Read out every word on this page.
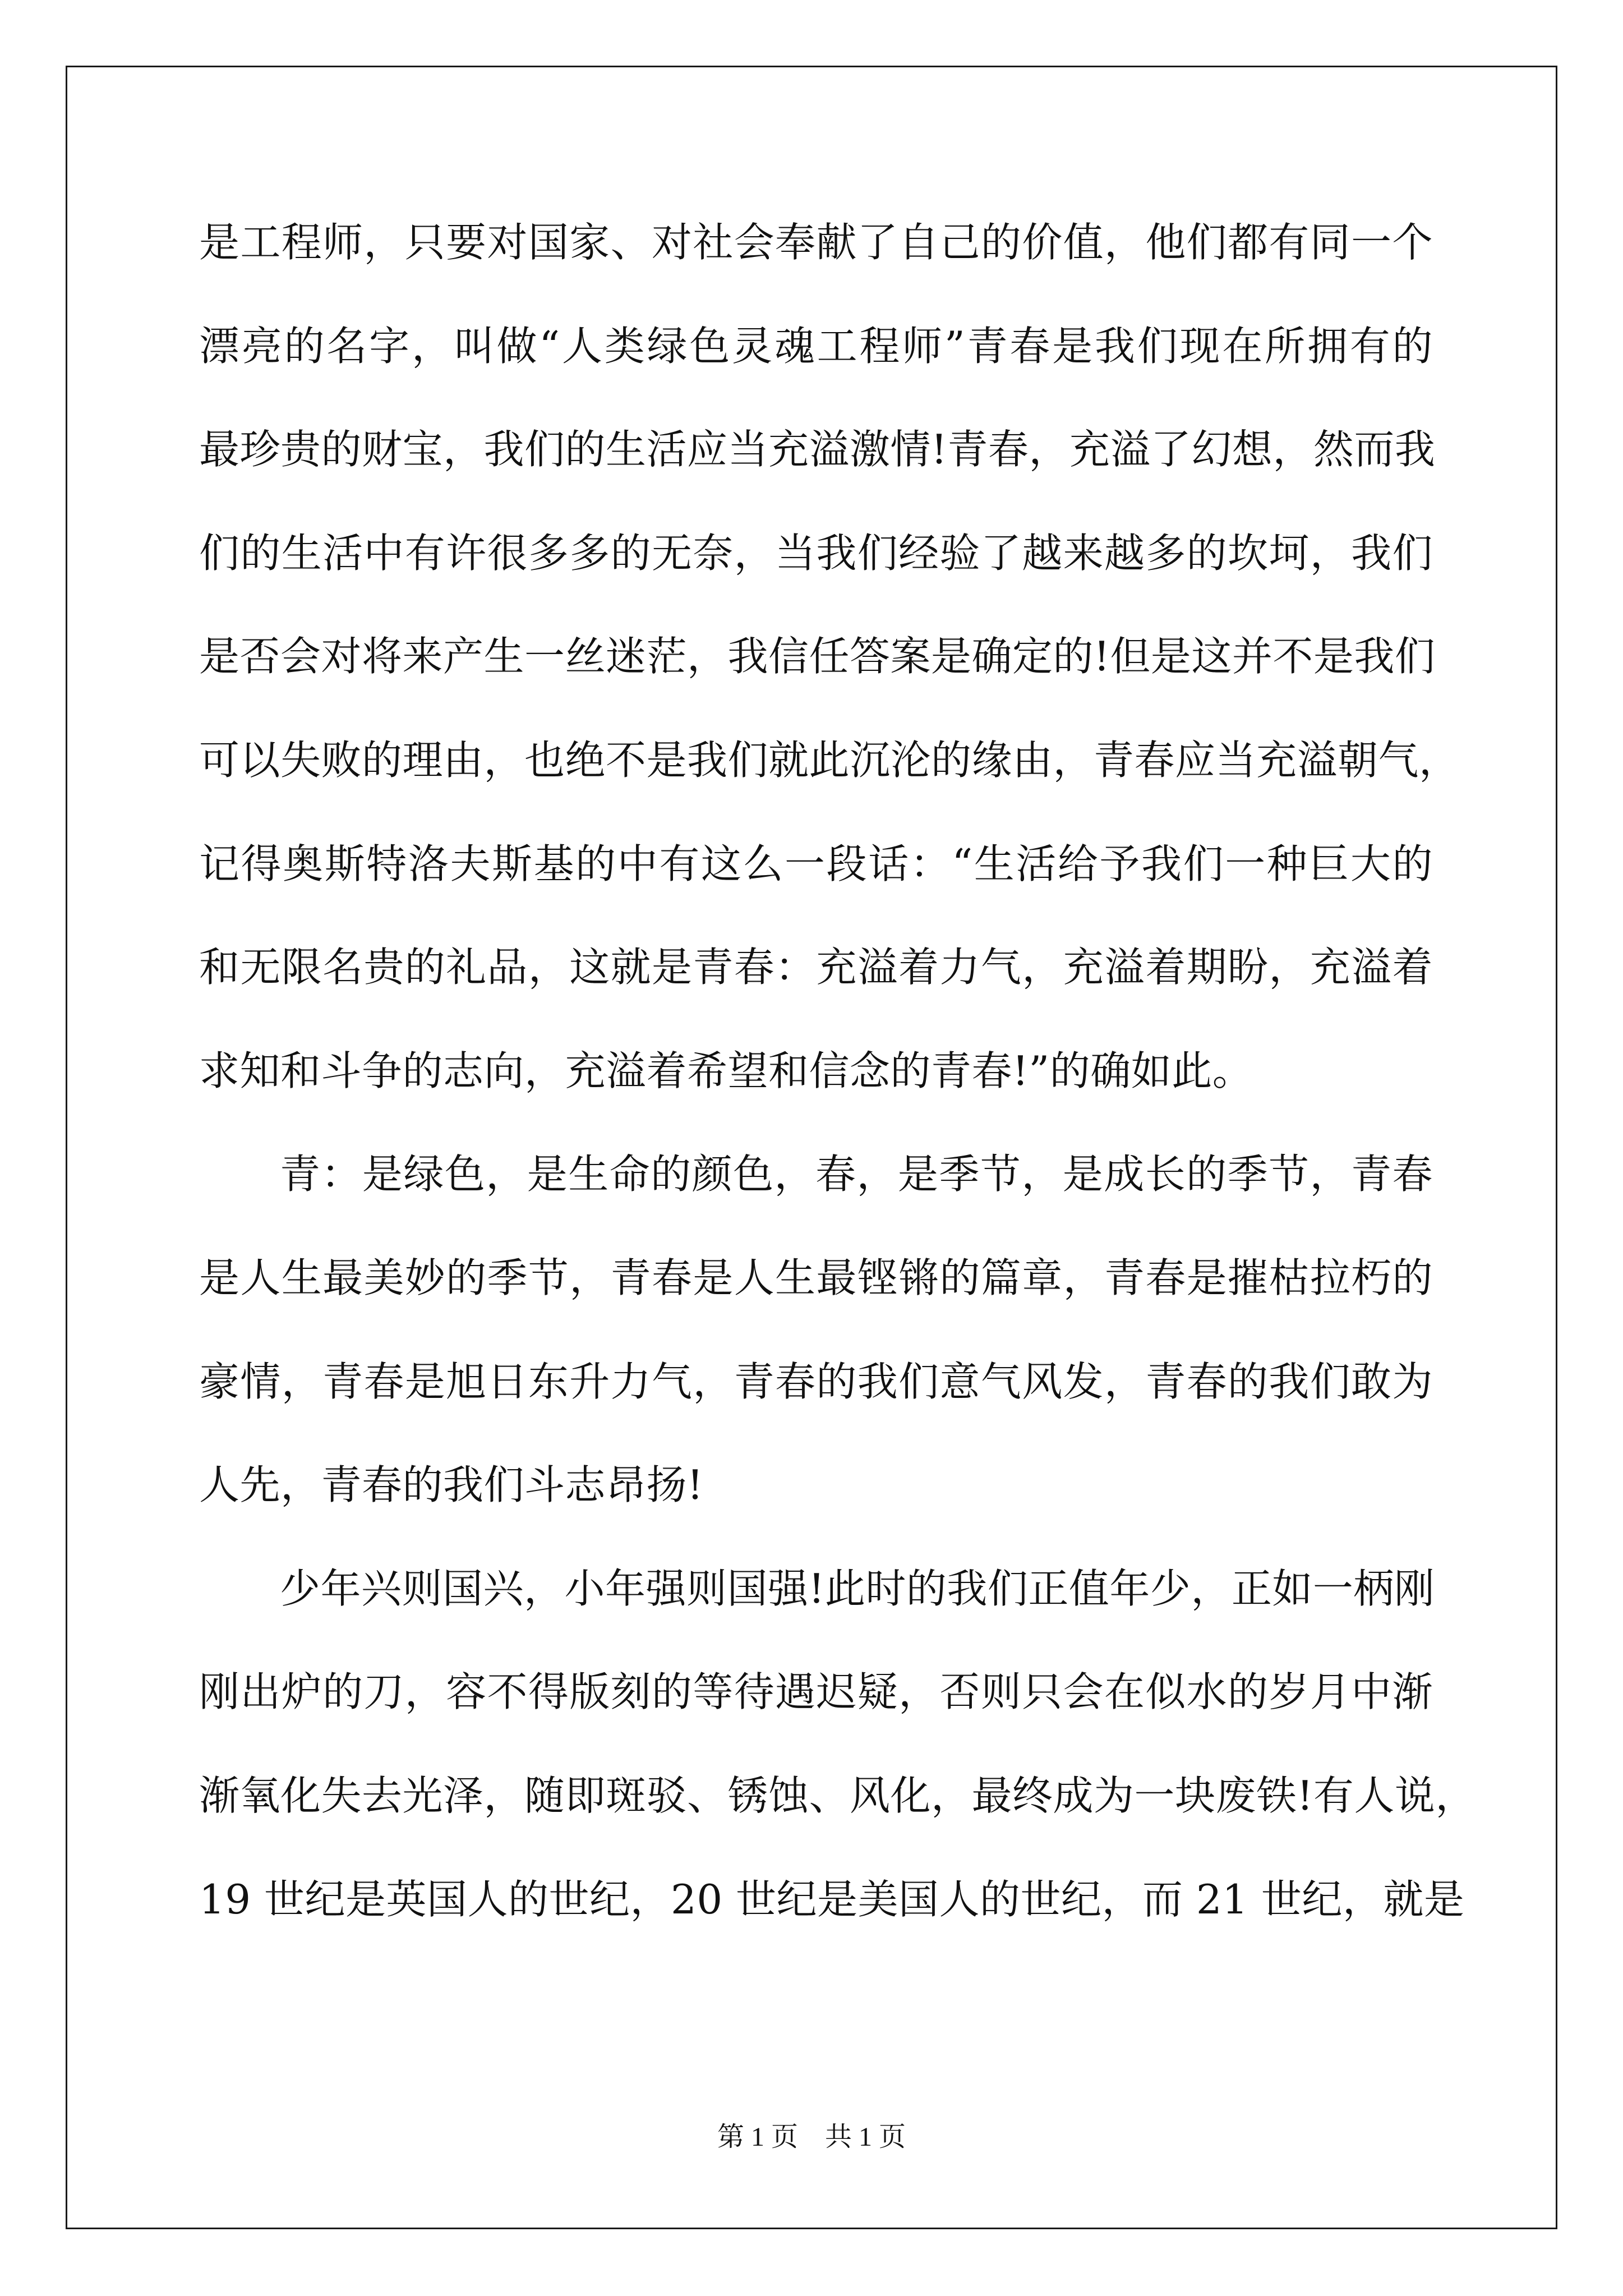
是工程师，只要对国家、对社会奉献了自己的价值，他们都有同一个
漂亮的名字，叫做“人类绿色灵魂工程师”青春是我们现在所拥有的
最珍贵的财宝，我们的生活应当充溢激情!青春，充溢了幻想，然而我
们的生活中有许很多多的无奈，当我们经验了越来越多的坎坷，我们
是否会对将来产生一丝迷茫，我信任答案是确定的!但是这并不是我们
可以失败的理由，也绝不是我们就此沉沦的缘由，青春应当充溢朝气，
记得奥斯特洛夫斯基的中有这么一段话：“生活给予我们一种巨大的
和无限名贵的礼品，这就是青春：充溢着力气，充溢着期盼，充溢着
求知和斗争的志向，充溢着希望和信念的青春!”的确如此。
青：是绿色，是生命的颜色，春，是季节，是成长的季节，青春
是人生最美妙的季节，青春是人生最铿锵的篇章，青春是摧枯拉朽的
豪情，青春是旭日东升力气，青春的我们意气风发，青春的我们敢为
人先，青春的我们斗志昂扬!
少年兴则国兴，小年强则国强!此时的我们正值年少，正如一柄刚
刚出炉的刀，容不得版刻的等待遇迟疑，否则只会在似水的岁月中渐
渐氧化失去光泽，随即斑驳、锈蚀、风化，最终成为一块废铁!有人说，
19 世纪是英国人的世纪，20 世纪是美国人的世纪，而 21 世纪，就是
第 1 页    共 1 页
